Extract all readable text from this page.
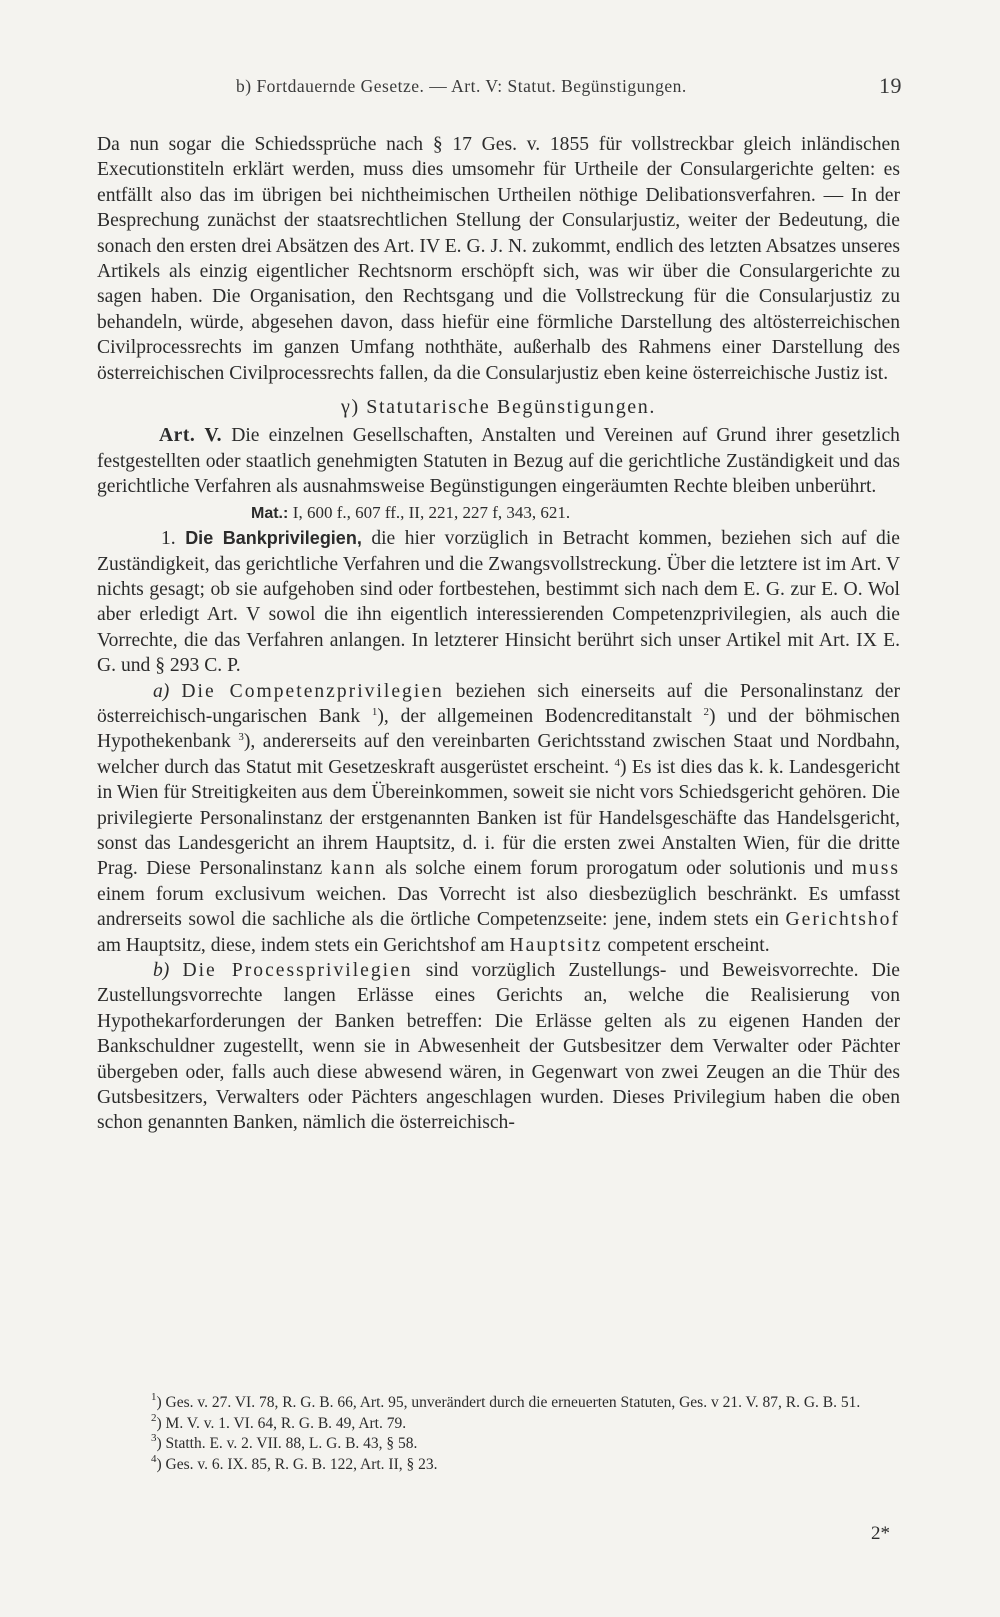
b) Fortdauernde Gesetze. — Art. V: Statut. Begünstigungen.	19

Da nun sogar die Schiedssprüche nach § 17 Ges. v. 1855 für vollstreckbar gleich inländischen Executionstiteln erklärt werden, muss dies umsomehr für Urtheile der Consulargerichte gelten: es entfällt also das im übrigen bei nichtheimischen Urtheilen nöthige Delibationsverfahren. — In der Besprechung zunächst der staatsrechtlichen Stellung der Consularjustiz, weiter der Bedeutung, die sonach den ersten drei Absätzen des Art. IV E. G. J. N. zukommt, endlich des letzten Absatzes unseres Artikels als einzig eigentlicher Rechtsnorm erschöpft sich, was wir über die Consulargerichte zu sagen haben. Die Organisation, den Rechtsgang und die Vollstreckung für die Consularjustiz zu behandeln, würde, abgesehen davon, dass hiefür eine förmliche Darstellung des altösterreichischen Civilprocessrechts im ganzen Umfang noththäte, außerhalb des Rahmens einer Darstellung des österreichischen Civilprocessrechts fallen, da die Consularjustiz eben keine österreichische Justiz ist.

γ) Statutarische Begünstigungen.

Art. V. Die einzelnen Gesellschaften, Anstalten und Vereinen auf Grund ihrer gesetzlich festgestellten oder staatlich genehmigten Statuten in Bezug auf die gerichtliche Zuständigkeit und das gerichtliche Verfahren als ausnahmsweise Begünstigungen eingeräumten Rechte bleiben unberührt.

Mat.: I, 600 f., 607 ff., II, 221, 227 f, 343, 621.

1. Die Bankprivilegien, die hier vorzüglich in Betracht kommen, beziehen sich auf die Zuständigkeit, das gerichtliche Verfahren und die Zwangsvollstreckung. Über die letztere ist im Art. V nichts gesagt; ob sie aufgehoben sind oder fortbestehen, bestimmt sich nach dem E. G. zur E. O. Wol aber erledigt Art. V sowol die ihn eigentlich interessierenden Competenzprivilegien, als auch die Vorrechte, die das Verfahren anlangen. In letzterer Hinsicht berührt sich unser Artikel mit Art. IX E. G. und § 293 C. P.

a) Die Competenzprivilegien beziehen sich einerseits auf die Personalinstanz der österreichisch-ungarischen Bank $^1$), der allgemeinen Bodencreditanstalt $^2$) und der böhmischen Hypothekenbank $^3$), andererseits auf den vereinbarten Gerichtsstand zwischen Staat und Nordbahn, welcher durch das Statut mit Gesetzeskraft ausgerüstet erscheint. $^4$) Es ist dies das k. k. Landesgericht in Wien für Streitigkeiten aus dem Übereinkommen, soweit sie nicht vors Schiedsgericht gehören. Die privilegierte Personalinstanz der erstgenannten Banken ist für Handelsgeschäfte das Handelsgericht, sonst das Landesgericht an ihrem Hauptsitz, d. i. für die ersten zwei Anstalten Wien, für die dritte Prag. Diese Personalinstanz kann als solche einem forum prorogatum oder solutionis und muss einem forum exclusivum weichen. Das Vorrecht ist also diesbezüglich beschränkt. Es umfasst andrerseits sowol die sachliche als die örtliche Competenzseite: jene, indem stets ein Gerichtshof am Hauptsitz, diese, indem stets ein Gerichtshof am Hauptsitz competent erscheint.

b) Die Processprivilegien sind vorzüglich Zustellungs- und Beweisvorrechte. Die Zustellungsvorrechte langen Erlässe eines Gerichts an, welche die Realisierung von Hypothekarforderungen der Banken betreffen: Die Erlässe gelten als zu eigenen Handen der Bankschuldner zugestellt, wenn sie in Abwesenheit der Gutsbesitzer dem Verwalter oder Pächter übergeben oder, falls auch diese abwesend wären, in Gegenwart von zwei Zeugen an die Thür des Gutsbesitzers, Verwalters oder Pächters angeschlagen wurden. Dieses Privilegium haben die oben schon genannten Banken, nämlich die österreichisch-

$^1$) Ges. v. 27. VI. 78, R. G. B. 66, Art. 95, unverändert durch die erneuerten Statuten, Ges. v 21. V. 87, R. G. B. 51.

$^2$) M. V. v. 1. VI. 64, R. G. B. 49, Art. 79.

$^3$) Statth. E. v. 2. VII. 88, L. G. B. 43, § 58.

$^4$) Ges. v. 6. IX. 85, R. G. B. 122, Art. II, § 23.

2*
